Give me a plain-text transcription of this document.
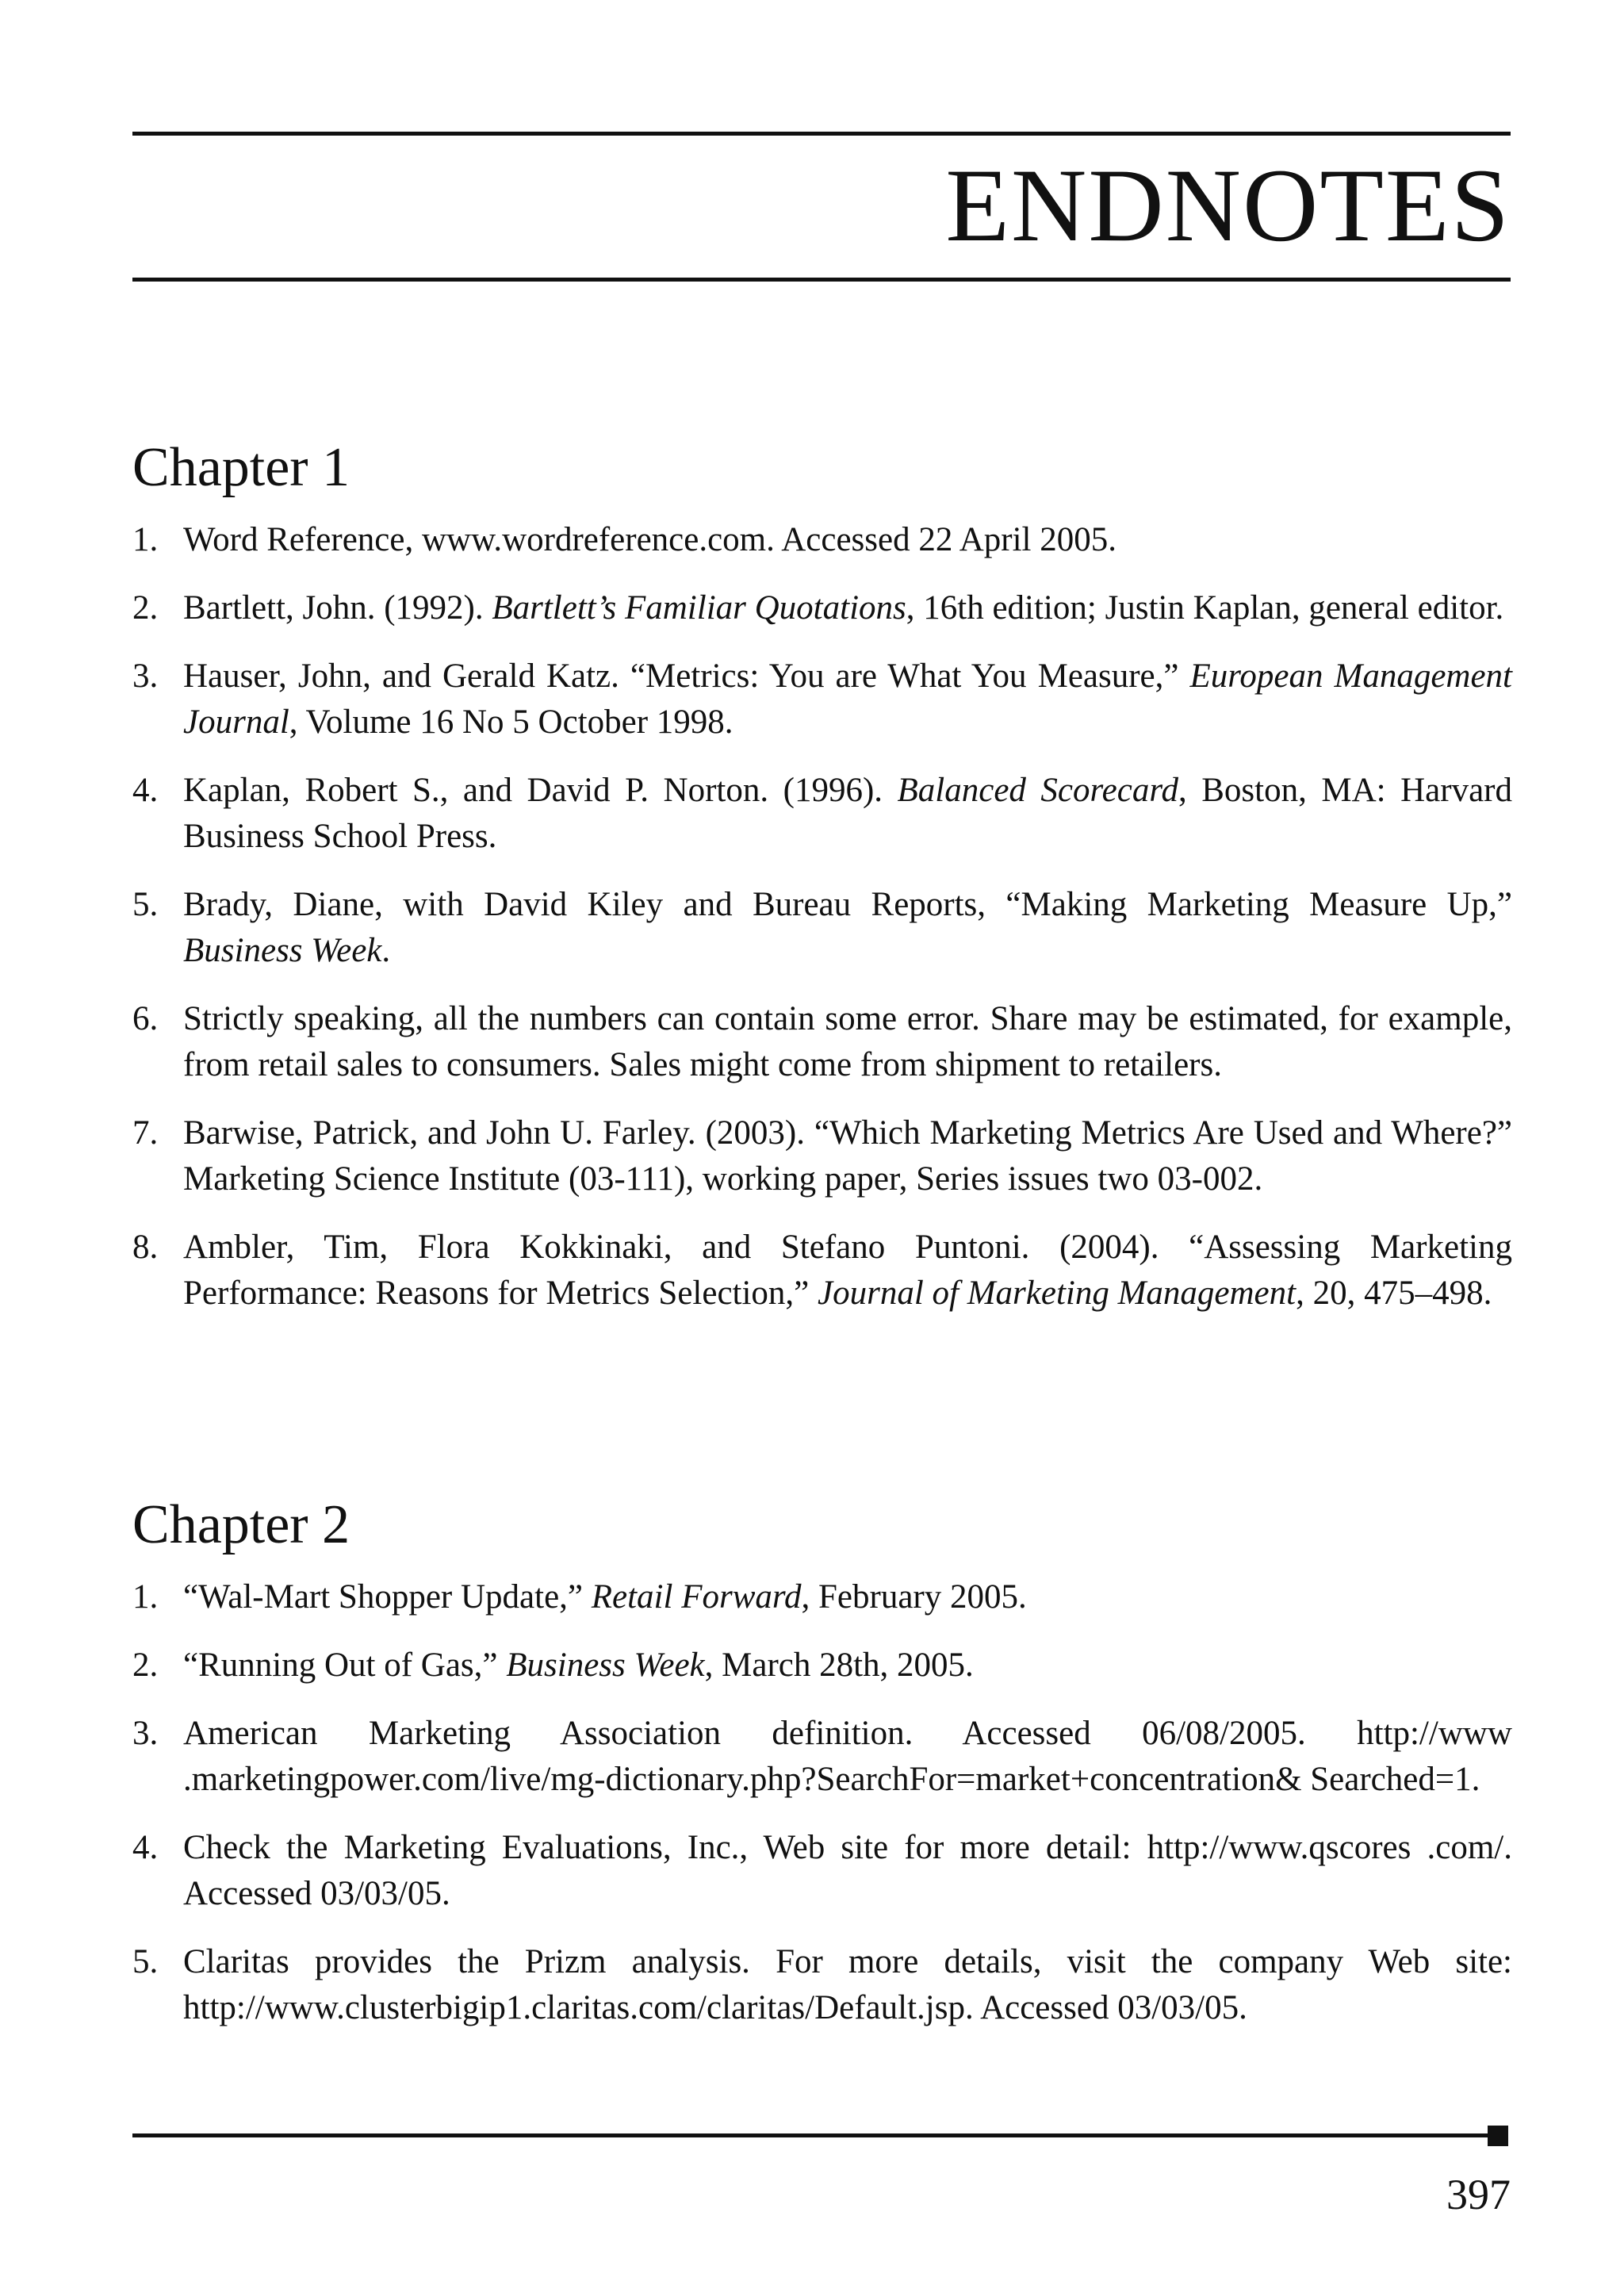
ENDNOTES
Chapter 1
1. Word Reference, www.wordreference.com. Accessed 22 April 2005.
2. Bartlett, John. (1992). Bartlett’s Familiar Quotations, 16th edition; Justin Kaplan, general editor.
3. Hauser, John, and Gerald Katz. “Metrics: You are What You Measure,” European Management Journal, Volume 16 No 5 October 1998.
4. Kaplan, Robert S., and David P. Norton. (1996). Balanced Scorecard, Boston, MA: Harvard Business School Press.
5. Brady, Diane, with David Kiley and Bureau Reports, “Making Marketing Measure Up,” Business Week.
6. Strictly speaking, all the numbers can contain some error. Share may be estimated, for example, from retail sales to consumers. Sales might come from shipment to retailers.
7. Barwise, Patrick, and John U. Farley. (2003). “Which Marketing Metrics Are Used and Where?” Marketing Science Institute (03-111), working paper, Series issues two 03-002.
8. Ambler, Tim, Flora Kokkinaki, and Stefano Puntoni. (2004). “Assessing Marketing Performance: Reasons for Metrics Selection,” Journal of Marketing Management, 20, 475–498.
Chapter 2
1. “Wal-Mart Shopper Update,” Retail Forward, February 2005.
2. “Running Out of Gas,” Business Week, March 28th, 2005.
3. American Marketing Association definition. Accessed 06/08/2005. http://www .marketingpower.com/live/mg-dictionary.php?SearchFor=market+concentration& Searched=1.
4. Check the Marketing Evaluations, Inc., Web site for more detail: http://www.qscores .com/. Accessed 03/03/05.
5. Claritas provides the Prizm analysis. For more details, visit the company Web site: http://www.clusterbigip1.claritas.com/claritas/Default.jsp. Accessed 03/03/05.
397
